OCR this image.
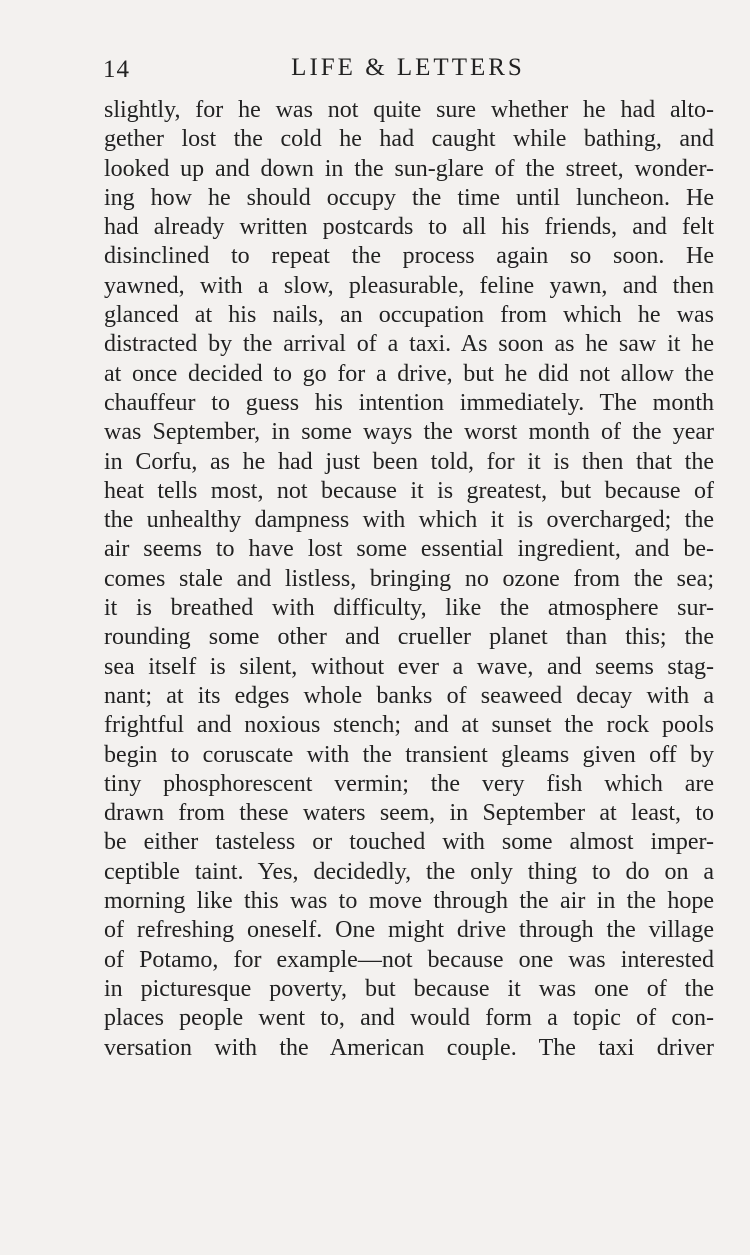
14	LIFE & LETTERS
slightly, for he was not quite sure whether he had alto-
gether lost the cold he had caught while bathing, and
looked up and down in the sun-glare of the street, wonder-
ing how he should occupy the time until luncheon. He
had already written postcards to all his friends, and felt
disinclined to repeat the process again so soon. He
yawned, with a slow, pleasurable, feline yawn, and then
glanced at his nails, an occupation from which he was
distracted by the arrival of a taxi. As soon as he saw it he
at once decided to go for a drive, but he did not allow the
chauffeur to guess his intention immediately. The month
was September, in some ways the worst month of the year
in Corfu, as he had just been told, for it is then that the
heat tells most, not because it is greatest, but because of
the unhealthy dampness with which it is overcharged; the
air seems to have lost some essential ingredient, and be-
comes stale and listless, bringing no ozone from the sea;
it is breathed with difficulty, like the atmosphere sur-
rounding some other and crueller planet than this; the
sea itself is silent, without ever a wave, and seems stag-
nant; at its edges whole banks of seaweed decay with a
frightful and noxious stench; and at sunset the rock pools
begin to coruscate with the transient gleams given off by
tiny phosphorescent vermin; the very fish which are
drawn from these waters seem, in September at least, to
be either tasteless or touched with some almost imper-
ceptible taint. Yes, decidedly, the only thing to do on a
morning like this was to move through the air in the hope
of refreshing oneself. One might drive through the village
of Potamo, for example—not because one was interested
in picturesque poverty, but because it was one of the
places people went to, and would form a topic of con-
versation with the American couple. The taxi driver
